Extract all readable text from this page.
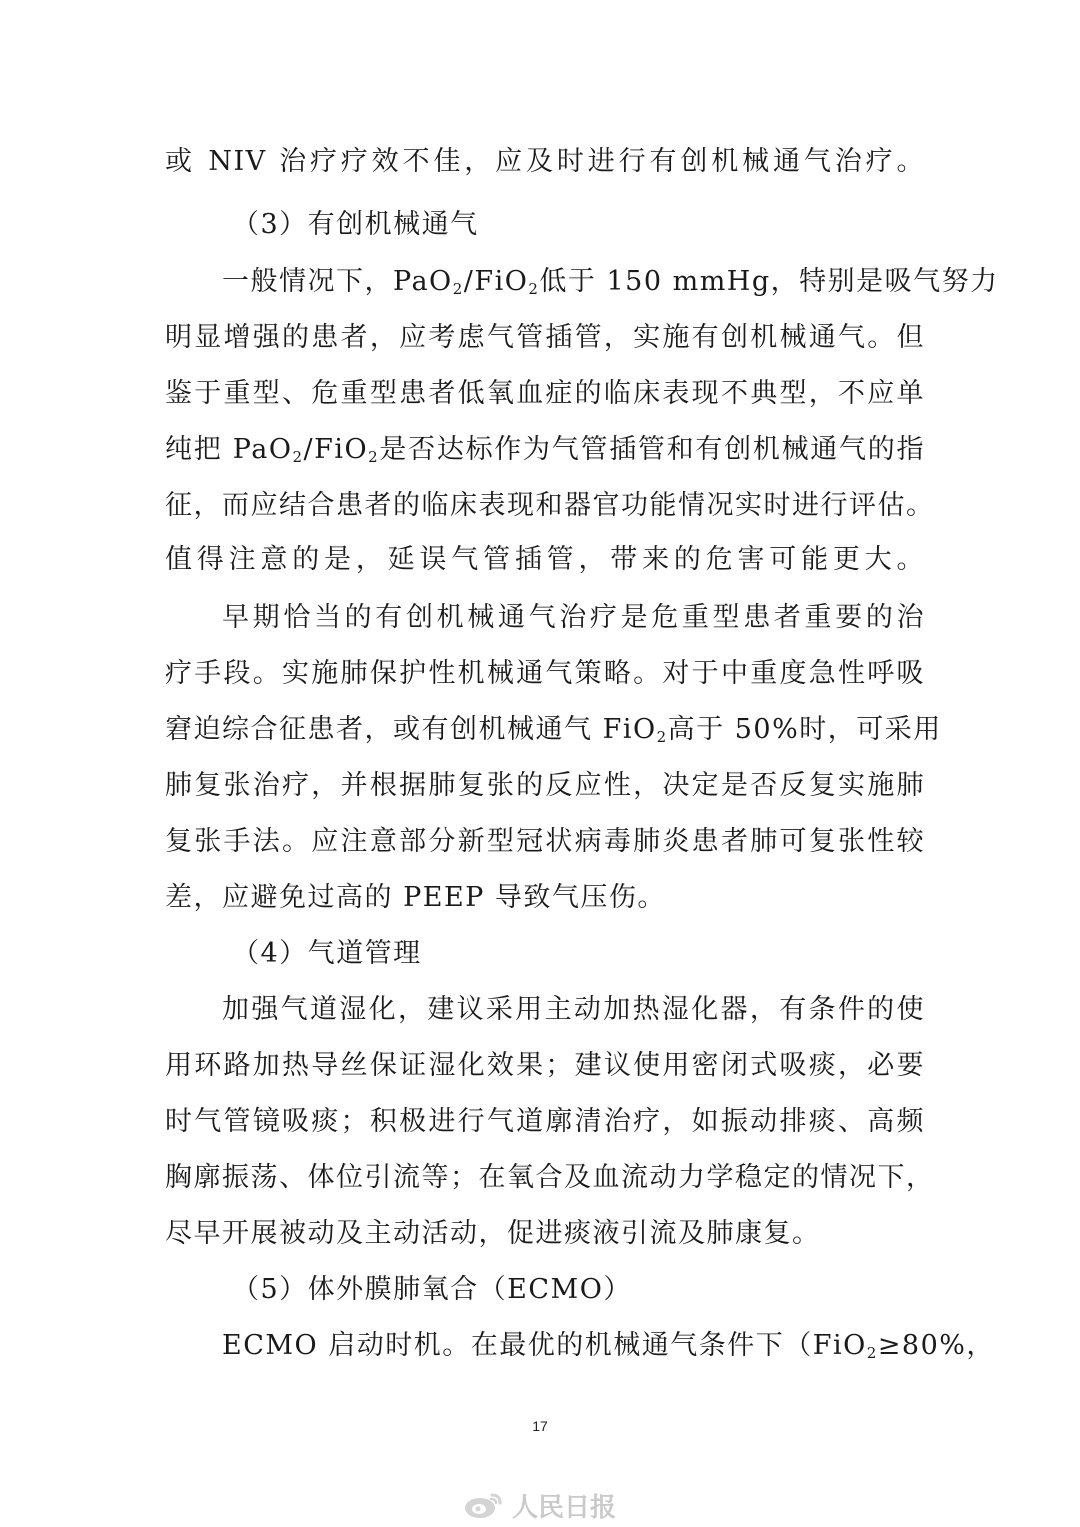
或 NIV 治疗疗效不佳，应及时进行有创机械通气治疗。
（3）有创机械通气
一般情况下，PaO$_2$/FiO$_2$低于 150 mmHg，特别是吸气努力
明显增强的患者，应考虑气管插管，实施有创机械通气。但
鉴于重型、危重型患者低氧血症的临床表现不典型，不应单
纯把 PaO$_2$/FiO$_2$是否达标作为气管插管和有创机械通气的指
征，而应结合患者的临床表现和器官功能情况实时进行评估。
值得注意的是，延误气管插管，带来的危害可能更大。
早期恰当的有创机械通气治疗是危重型患者重要的治
疗手段。实施肺保护性机械通气策略。对于中重度急性呼吸
窘迫综合征患者，或有创机械通气 FiO$_2$高于 50%时，可采用
肺复张治疗，并根据肺复张的反应性，决定是否反复实施肺
复张手法。应注意部分新型冠状病毒肺炎患者肺可复张性较
差，应避免过高的 PEEP 导致气压伤。
（4）气道管理
加强气道湿化，建议采用主动加热湿化器，有条件的使
用环路加热导丝保证湿化效果；建议使用密闭式吸痰，必要
时气管镜吸痰；积极进行气道廓清治疗，如振动排痰、高频
胸廓振荡、体位引流等；在氧合及血流动力学稳定的情况下，
尽早开展被动及主动活动，促进痰液引流及肺康复。
（5）体外膜肺氧合（ECMO）
ECMO 启动时机。在最优的机械通气条件下（FiO$_2$≥80%，
17
人民日报
